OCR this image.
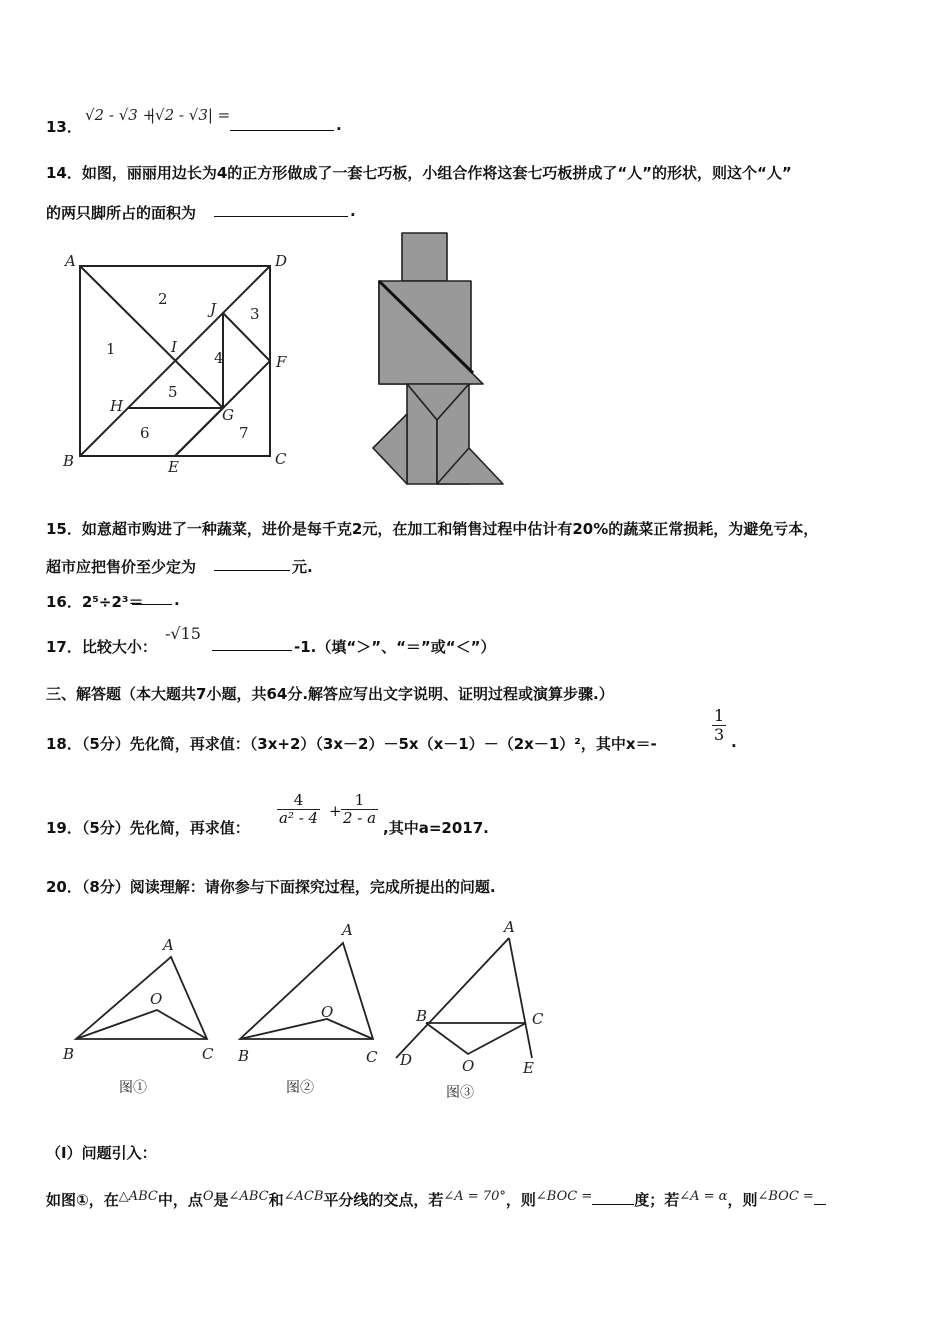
13．
√2 - √3 +
|√2 - √3| =
.
14．如图，丽丽用边长为4的正方形做成了一套七巧板，小组合作将这套七巧板拼成了“人”的形状，则这个“人”
的两只脚所占的面积为	.
A	D
B	C
E
F
G
H
I
J
1
2
3
4
5
6	7
15．如意超市购进了一种蔬菜，进价是每千克2元，在加工和销售过程中估计有20%的蔬菜正常损耗，为避免亏本，
超市应把售价至少定为	元.
16．2⁵÷2³＝ .
17．比较大小：
-√15
-1.（填“＞”、“＝”或“＜”）
三、解答题（本大题共7小题，共64分.解答应写出文字说明、证明过程或演算步骤.）
18．（5分）先化简，再求值：（3x+2）（3x－2）－5x（x－1）－（2x－1）²，其中x＝-
$\frac{1}{3}$ .
19．（5分）先化简，再求值：
$\frac{4}{\text{a² - 4}} + \frac{1}{2 - a}$
,其中a=2017.
20．（8分）阅读理解：请你参与下面探究过程，完成所提出的问题.
A
B	C
O
A
B	C
O
A
B	C
O
D	E
图①	图②	图③
（I）问题引入：
如图①，在△ABC中，点O是∠ABC和∠ACB平分线的交点，若∠A = 70°，则∠BOC =	度；若∠A = α，则∠BOC =
